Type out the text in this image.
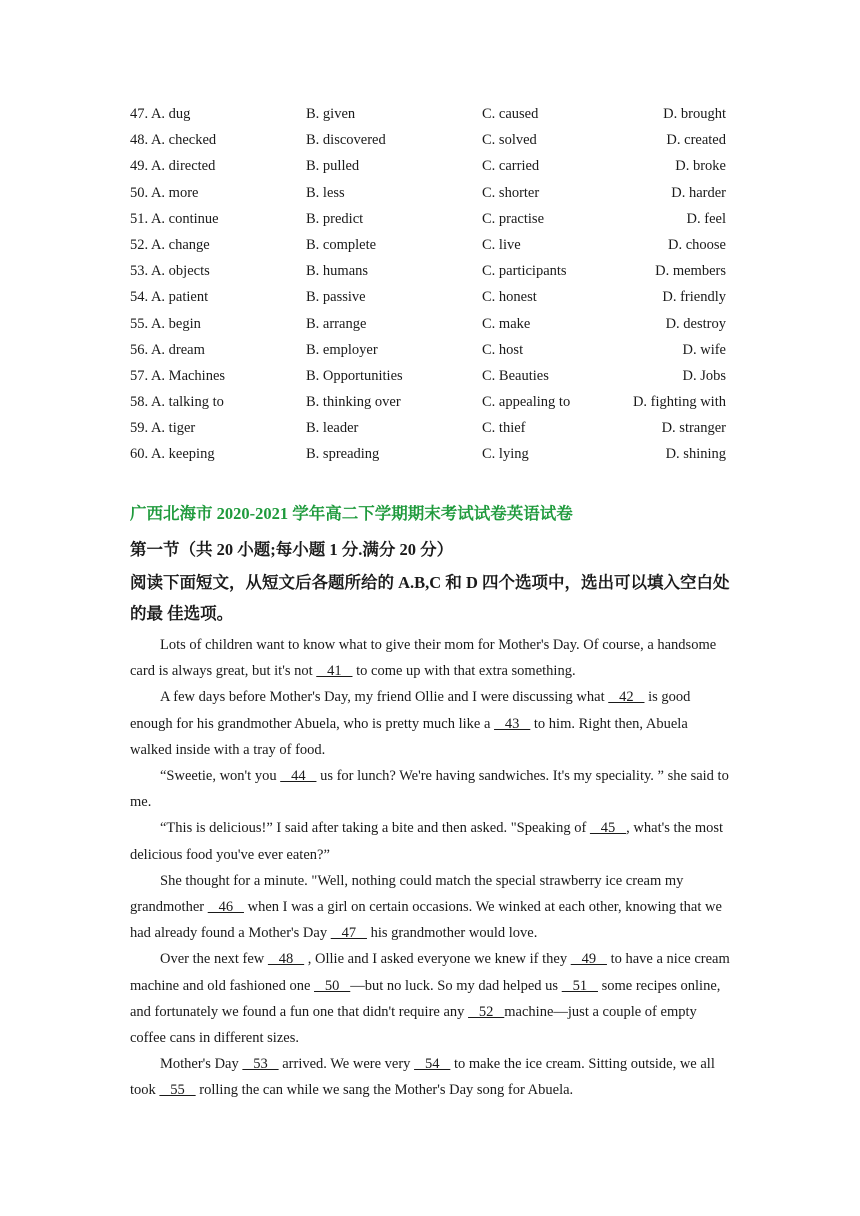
47. A. dug	B. given	C. caused	D. brought
48. A. checked	B. discovered	C. solved	D. created
49. A. directed	B. pulled	C. carried	D. broke
50. A. more	B. less	C. shorter	D. harder
51. A. continue	B. predict	C. practise	D. feel
52. A. change	B. complete	C. live	D. choose
53. A. objects	B. humans	C. participants	D. members
54. A. patient	B. passive	C. honest	D. friendly
55. A. begin	B. arrange	C. make	D. destroy
56. A. dream	B. employer	C. host	D. wife
57. A. Machines	B. Opportunities	C. Beauties	D. Jobs
58. A. talking to	B. thinking over	C. appealing to	D. fighting with
59. A. tiger	B. leader	C. thief	D. stranger
60. A. keeping	B. spreading	C. lying	D. shining
广西北海市 2020-2021 学年高二下学期期末考试试卷英语试卷
第一节（共 20 小题;每小题 1 分.满分 20 分）
阅读下面短文，从短文后各题所给的 A.B,C 和 D 四个选项中，选出可以填入空白处的最 佳选项。

Lots of children want to know what to give their mom for Mother's Day. Of course, a handsome card is always great, but it's not    41    to come up with that extra something.

A few days before Mother's Day, my friend Ollie and I were discussing what    42    is good enough for his grandmother Abuela, who is pretty much like a    43    to him. Right then, Abuela walked inside with a tray of food.

“Sweetie, won't you    44    us for lunch? We're having sandwiches. It's my speciality. ” she said to me.

“This is delicious!” I said after taking a bite and then asked. "Speaking of    45   , what's the most delicious food you've ever eaten?”

She thought for a minute. "Well, nothing could match the special strawberry ice cream my grandmother    46    when I was a girl on certain occasions. We winked at each other, knowing that we had already found a Mother's Day    47    his grandmother would love.

Over the next few    48    , Ollie and I asked everyone we knew if they    49    to have a nice cream machine and old fashioned one    50   —but no luck. So my dad helped us    51    some recipes online, and fortunately we found a fun one that didn't require any    52   machine—just a couple of empty coffee cans in different sizes.

Mother's Day    53    arrived. We were very    54    to make the ice cream. Sitting outside, we all took    55    rolling the can while we sang the Mother's Day song for Abuela.
